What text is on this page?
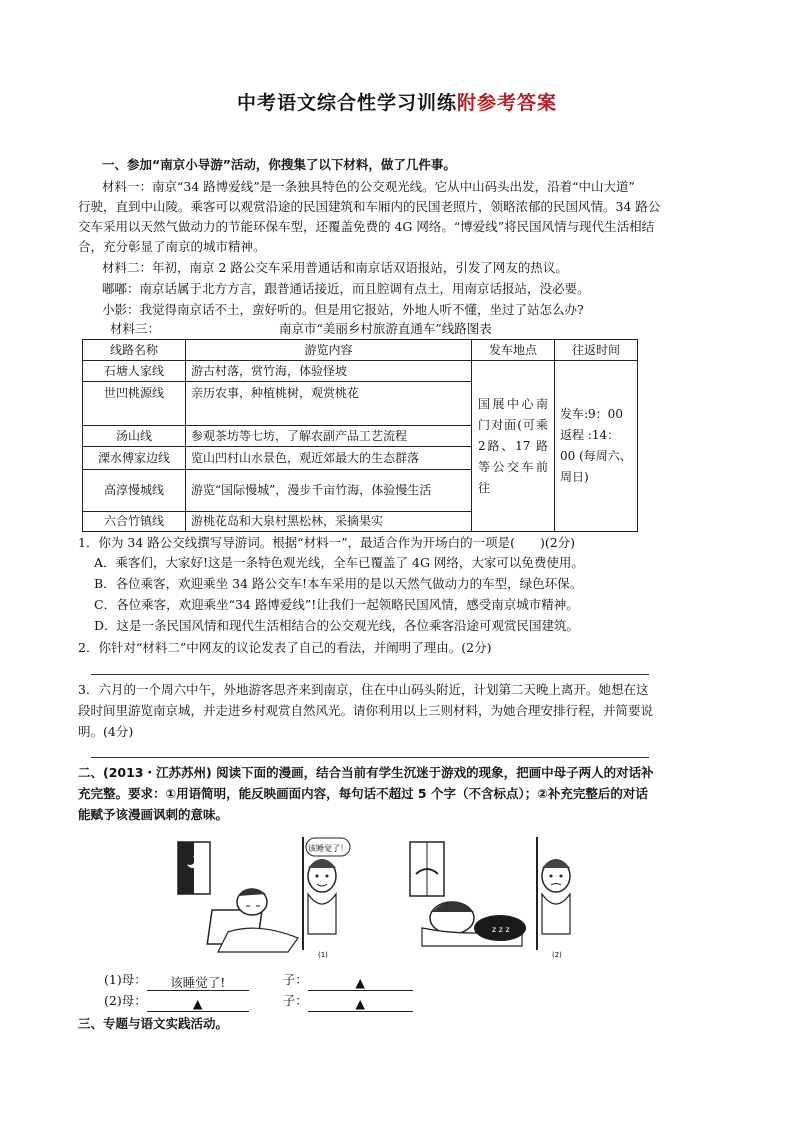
中考语文综合性学习训练附参考答案
一、参加“南京小导游”活动，你搜集了以下材料，做了几件事。
材料一：南京“34 路博爱线”是一条独具特色的公交观光线。它从中山码头出发，沿着“中山大道”
行驶，直到中山陵。乘客可以观赏沿途的民国建筑和车厢内的民国老照片，领略浓郁的民国风情。34 路公
交车采用以天然气做动力的节能环保车型，还覆盖免费的 4G 网络。“博爱线”将民国风情与现代生活相结
合，充分彰显了南京的城市精神。
材料二：年初，南京 2 路公交车采用普通话和南京话双语报站，引发了网友的热议。
嘟嘟：南京话属于北方方言，跟普通话接近，而且腔调有点土，用南京话报站，没必要。
小影：我觉得南京话不土，蛮好听的。但是用它报站，外地人听不懂，坐过了站怎么办?
材料三：	南京市“美丽乡村旅游直通车”线路图表
线路名称	游览内容	发车地点	往返时间
石塘人家线	游古村落，赏竹海，体验怪坡	国展中心南门对面(可乘2路、17 路等公交车前往	发车:9：00 返程 :14：00 (每周六、周日)
世凹桃源线	亲历农事，种植桃树，观赏桃花		
汤山线	参观茶坊等七坊，了解农副产品工艺流程		
溧水傅家边线	览山凹村山水景色，观近郊最大的生态群落		
高淳慢城线	游览“国际慢城”，漫步千亩竹海，体验慢生活		
六合竹镇线	游桃花岛和大泉村黑松林，采摘果实		
1．你为 34 路公交线撰写导游词。根据“材料一”，最适合作为开场白的一项是(　　)(2分)
A．乘客们，大家好!这是一条特色观光线，全车已覆盖了 4G 网络，大家可以免费使用。
B．各位乘客，欢迎乘坐 34 路公交车!本车采用的是以天然气做动力的车型，绿色环保。
C．各位乘客，欢迎乘坐“34 路博爱线”!让我们一起领略民国风情，感受南京城市精神。
D．这是一条民国风情和现代生活相结合的公交观光线，各位乘客沿途可观赏民国建筑。
2．你针对“材料二”中网友的议论发表了自己的看法，并阐明了理由。(2分)
3．六月的一个周六中午，外地游客思齐来到南京，住在中山码头附近，计划第二天晚上离开。她想在这
段时间里游览南京城，并走进乡村观赏自然风光。请你利用以上三则材料，为她合理安排行程，并简要说
明。(4分)
二、(2013・江苏苏州) 阅读下面的漫画，结合当前有学生沉迷于游戏的现象，把画中母子两人的对话补
充完整。要求：①用语简明，能反映画面内容，每句话不超过 5 个字（不含标点）；②补充完整后的对话
能赋予该漫画讽刺的意味。
该睡觉了！
(1)
z z z
(2)
(1)母： 该睡觉了!	子：	▲
(2)母：	▲	子：	▲
三、专题与语文实践活动。
